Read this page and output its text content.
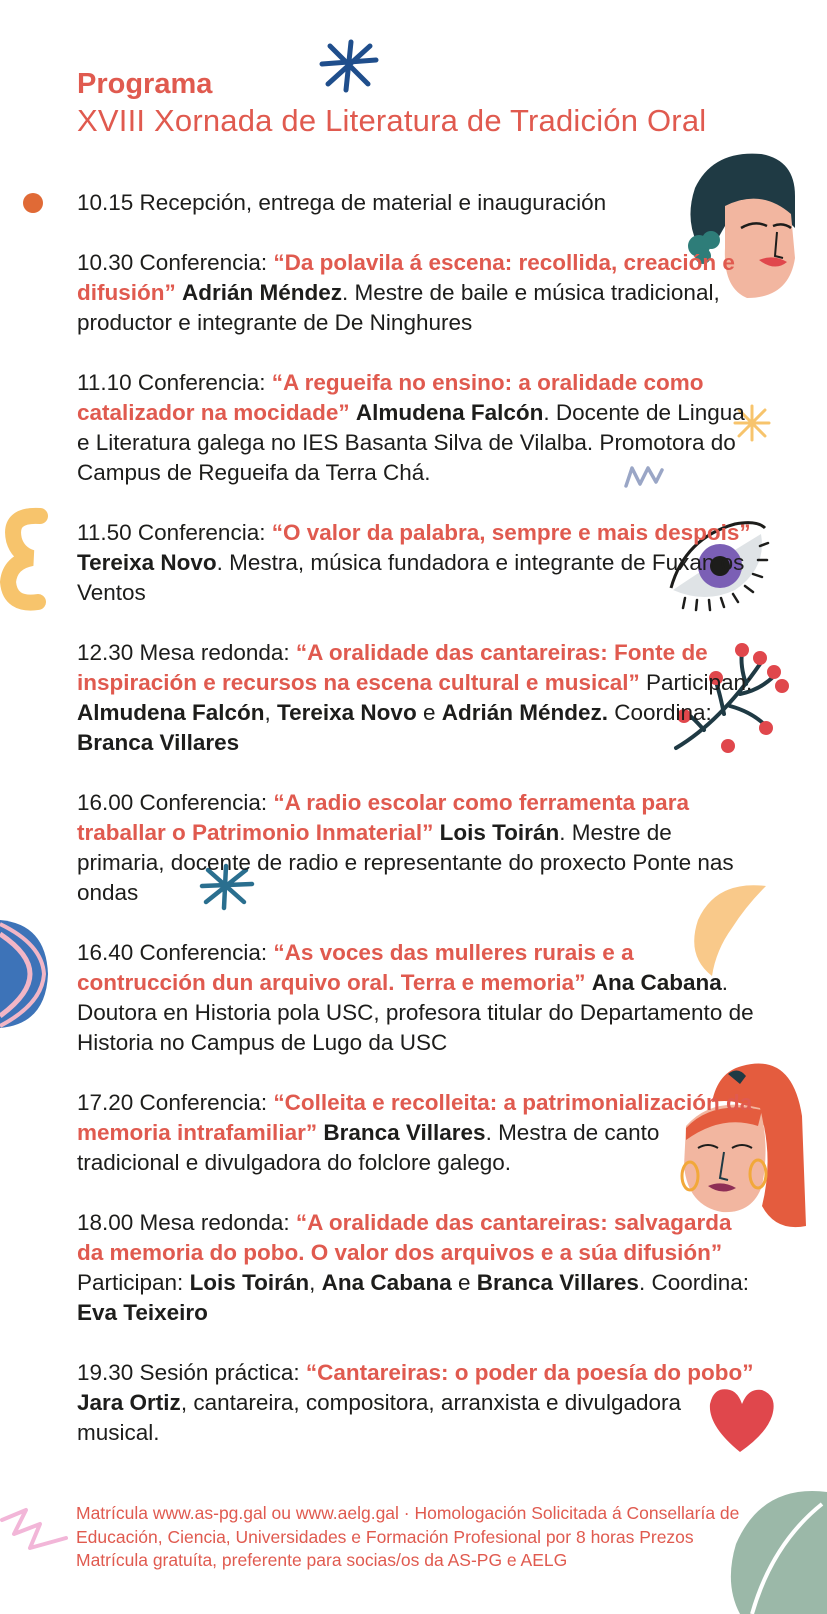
Programa
XVIII Xornada de Literatura de Tradición Oral

10.15 Recepción, entrega de material e inauguración

10.30 Conferencia: “Da polavila á escena: recollida, creación e difusión” Adrián Méndez. Mestre de baile e música tradicional, productor e integrante de De Ninghures

11.10 Conferencia: “A regueifa no ensino: a oralidade como catalizador na mocidade” Almudena Falcón. Docente de Lingua e Literatura galega no IES Basanta Silva de Vilalba. Promotora do Campus de Regueifa da Terra Chá.

11.50 Conferencia: “O valor da palabra, sempre e mais despois” Tereixa Novo. Mestra, música fundadora e integrante de Fuxan os Ventos

12.30 Mesa redonda: “A oralidade das cantareiras: Fonte de inspiración e recursos na escena cultural e musical” Participan: Almudena Falcón, Tereixa Novo e Adrián Méndez. Coordina: Branca Villares

16.00 Conferencia: “A radio escolar como ferramenta para traballar o Patrimonio Inmaterial” Lois Toirán. Mestre de primaria, docente de radio e representante do proxecto Ponte nas ondas

16.40 Conferencia: “As voces das mulleres rurais e a contrucción dun arquivo oral. Terra e memoria” Ana Cabana. Doutora en Historia pola USC, profesora titular do Departamento de Historia no Campus de Lugo da USC

17.20 Conferencia: “Colleita e recolleita: a patrimonialización da memoria intrafamiliar” Branca Villares. Mestra de canto tradicional e divulgadora do folclore galego.

18.00 Mesa redonda: “A oralidade das cantareiras: salvagarda da memoria do pobo. O valor dos arquivos e a súa difusión” Participan: Lois Toirán, Ana Cabana e Branca Villares. Coordina: Eva Teixeiro

19.30 Sesión práctica: “Cantareiras: o poder da poesía do pobo” Jara Ortiz, cantareira, compositora, arranxista e divulgadora musical.

Matrícula www.as-pg.gal ou www.aelg.gal · Homologación Solicitada á Consellaría de Educación, Ciencia, Universidades e Formación Profesional por 8 horas Prezos Matrícula gratuíta, preferente para socias/os da AS-PG e AELG
